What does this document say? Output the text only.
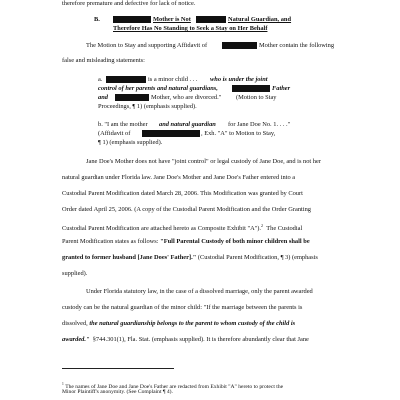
therefore premature and defective for lack of notice.
B.	Mother is Not	Natural Guardian, and
Therefore Has No Standing to Seek a Stay on Her Behalf
The Motion to Stay and supporting Affidavit of	Mother contain the following
false and misleading statements:
a.	is a minor child . . . who is under the joint
control of her parents and natural guardians,	Father
and	Mother, who are divorced." (Motion to Stay
Proceedings, ¶ 1) (emphasis supplied).
b. "I am the mother and natural guardian for Jane Doe No. 1. . . ."
(Affidavit of	, Exh. "A" to Motion to Stay,
¶ 1) (emphasis supplied).
Jane Doe's Mother does not have "joint control" or legal custody of Jane Doe, and is not her
natural guardian under Florida law. Jane Doe's Mother and Jane Doe's Father entered into a
Custodial Parent Modification dated March 28, 2006. This Modification was granted by Court
Order dated April 25, 2006. (A copy of the Custodial Parent Modification and the Order Granting
Custodial Parent Modification are attached hereto as Composite Exhibit "A").$^2$ The Custodial
Parent Modification states as follows: "Full Parental Custody of both minor children shall be
granted to former husband [Jane Does' Father]." (Custodial Parent Modification, ¶ 3) (emphasis
supplied).
Under Florida statutory law, in the case of a dissolved marriage, only the parent awarded
custody can be the natural guardian of the minor child: "If the marriage between the parents is
dissolved, the natural guardianship belongs to the parent to whom custody of the child is
awarded." §744.301(1), Fla. Stat. (emphasis supplied). It is therefore abundantly clear that Jane
$^1$ The names of Jane Doe and Jane Doe's Father are redacted from Exhibit "A" hereto to protect the
Minor Plaintiff's anonymity. (See Complaint ¶ 4).
